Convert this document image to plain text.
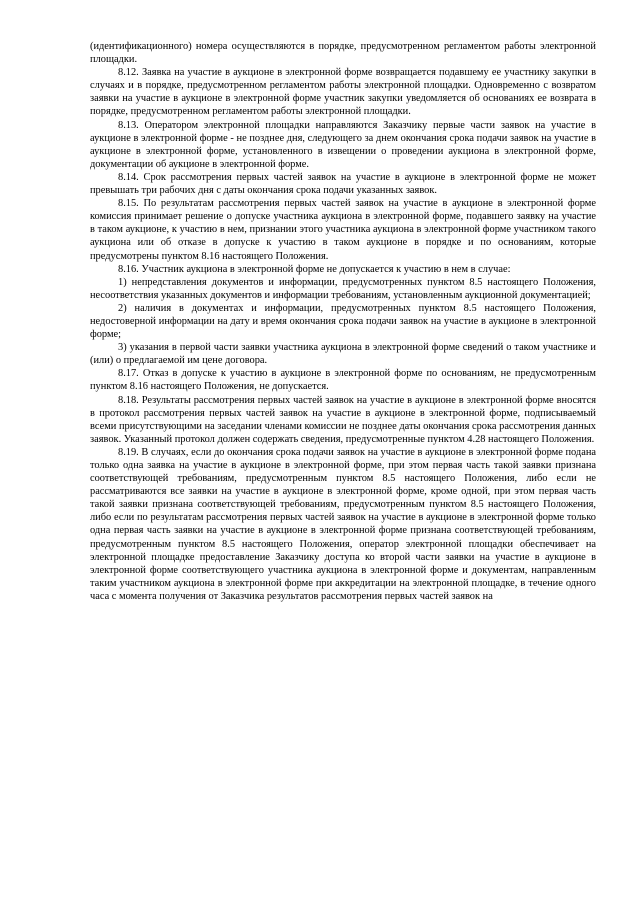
(идентификационного) номера осуществляются в порядке, предусмотренном регламентом работы электронной площадки.

8.12. Заявка на участие в аукционе в электронной форме возвращается подавшему ее участнику закупки в случаях и в порядке, предусмотренном регламентом работы электронной площадки. Одновременно с возвратом заявки на участие в аукционе в электронной форме участник закупки уведомляется об основаниях ее возврата в порядке, предусмотренном регламентом работы электронной площадки.

8.13. Оператором электронной площадки направляются Заказчику первые части заявок на участие в аукционе в электронной форме - не позднее дня, следующего за днем окончания срока подачи заявок на участие в аукционе в электронной форме, установленного в извещении о проведении аукциона в электронной форме, документации об аукционе в электронной форме.

8.14. Срок рассмотрения первых частей заявок на участие в аукционе в электронной форме не может превышать три рабочих дня с даты окончания срока подачи указанных заявок.

8.15. По результатам рассмотрения первых частей заявок на участие в аукционе в электронной форме комиссия принимает решение о допуске участника аукциона в электронной форме, подавшего заявку на участие в таком аукционе, к участию в нем, признании этого участника аукциона в электронной форме участником такого аукциона или об отказе в допуске к участию в таком аукционе в порядке и по основаниям, которые предусмотрены пунктом 8.16 настоящего Положения.

8.16. Участник аукциона в электронной форме не допускается к участию в нем в случае:

1) непредставления документов и информации, предусмотренных пунктом 8.5 настоящего Положения, несоответствия указанных документов и информации требованиям, установленным аукционной документацией;

2) наличия в документах и информации, предусмотренных пунктом 8.5 настоящего Положения, недостоверной информации на дату и время окончания срока подачи заявок на участие в аукционе в электронной форме;

3) указания в первой части заявки участника аукциона в электронной форме сведений о таком участнике и (или) о предлагаемой им цене договора.

8.17. Отказ в допуске к участию в аукционе в электронной форме по основаниям, не предусмотренным пунктом 8.16 настоящего Положения, не допускается.

8.18. Результаты рассмотрения первых частей заявок на участие в аукционе в электронной форме вносятся в протокол рассмотрения первых частей заявок на участие в аукционе в электронной форме, подписываемый всеми присутствующими на заседании членами комиссии не позднее даты окончания срока рассмотрения данных заявок. Указанный протокол должен содержать сведения, предусмотренные пунктом 4.28 настоящего Положения.

8.19. В случаях, если до окончания срока подачи заявок на участие в аукционе в электронной форме подана только одна заявка на участие в аукционе в электронной форме, при этом первая часть такой заявки признана соответствующей требованиям, предусмотренным пунктом 8.5 настоящего Положения, либо если не рассматриваются все заявки на участие в аукционе в электронной форме, кроме одной, при этом первая часть такой заявки признана соответствующей требованиям, предусмотренным пунктом 8.5 настоящего Положения, либо если по результатам рассмотрения первых частей заявок на участие в аукционе в электронной форме только одна первая часть заявки на участие в аукционе в электронной форме признана соответствующей требованиям, предусмотренным пунктом 8.5 настоящего Положения, оператор электронной площадки обеспечивает на электронной площадке предоставление Заказчику доступа ко второй части заявки на участие в аукционе в электронной форме соответствующего участника аукциона в электронной форме и документам, направленным таким участником аукциона в электронной форме при аккредитации на электронной площадке, в течение одного часа с момента получения от Заказчика результатов рассмотрения первых частей заявок на
